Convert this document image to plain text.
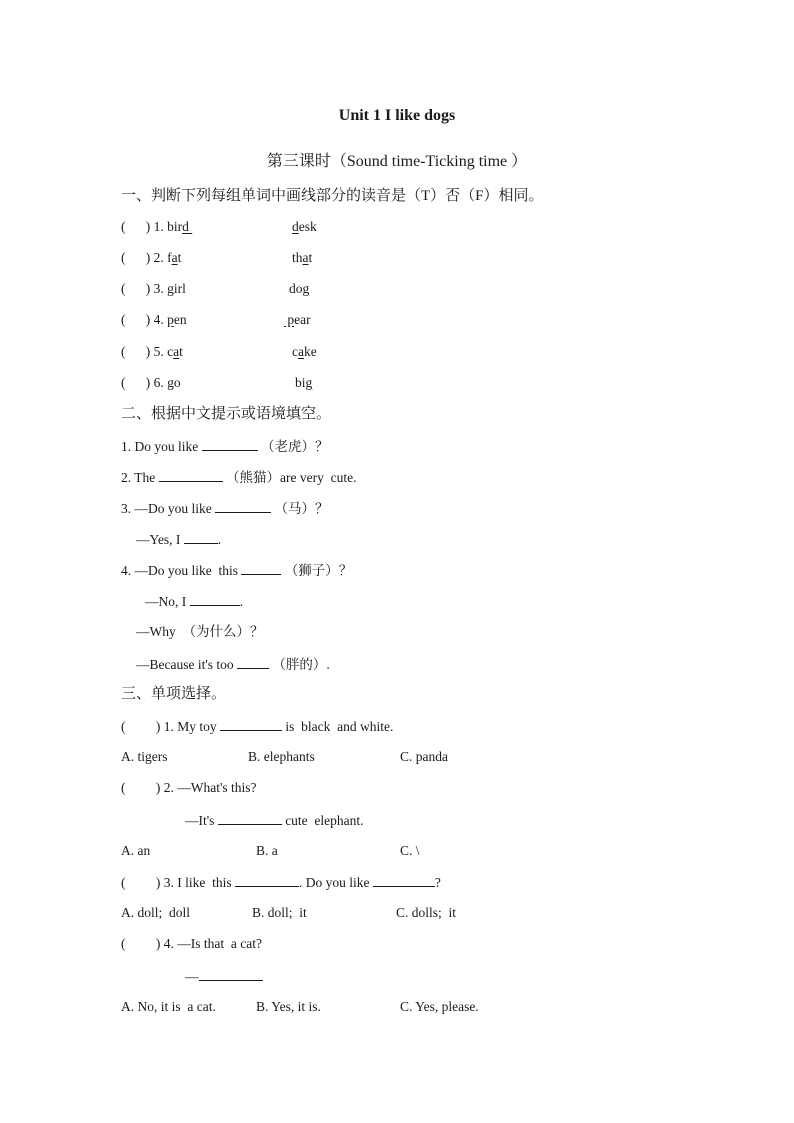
Unit 1 I like dogs
第三课时（Sound time-Ticking time ）
一、判断下列每组单词中画线部分的读音是（T）否（F）相同。
(      ) 1. bird	desk
(      ) 2. fat	that
(      ) 3. girl	dog
(      ) 4. pen	pear
(      ) 5. cat	cake
(      ) 6. go	big
二、根据中文提示或语境填空。
1. Do you like	（老虎）？
2. The	（熊猫）are very  cute.
3. —Do you like	（马）？
—Yes, I	.
4. —Do you like  this	（狮子）？
—No, I	.
—Why  （为什么）？
—Because it's too  （胖的）.
三、单项选择。
(         ) 1. My toy	is  black  and white.
A. tigers	B. elephants	C. panda
(         ) 2. —What's this?
—It's	cute  elephant.
A. an	B. a	C. \
(         ) 3. I like  this	. Do you like	?
A. doll;  doll	B. doll;  it	C. dolls;  it
(         ) 4. —Is that  a cat?
—
A. No, it is  a cat.	B. Yes, it is.	C. Yes, please.
